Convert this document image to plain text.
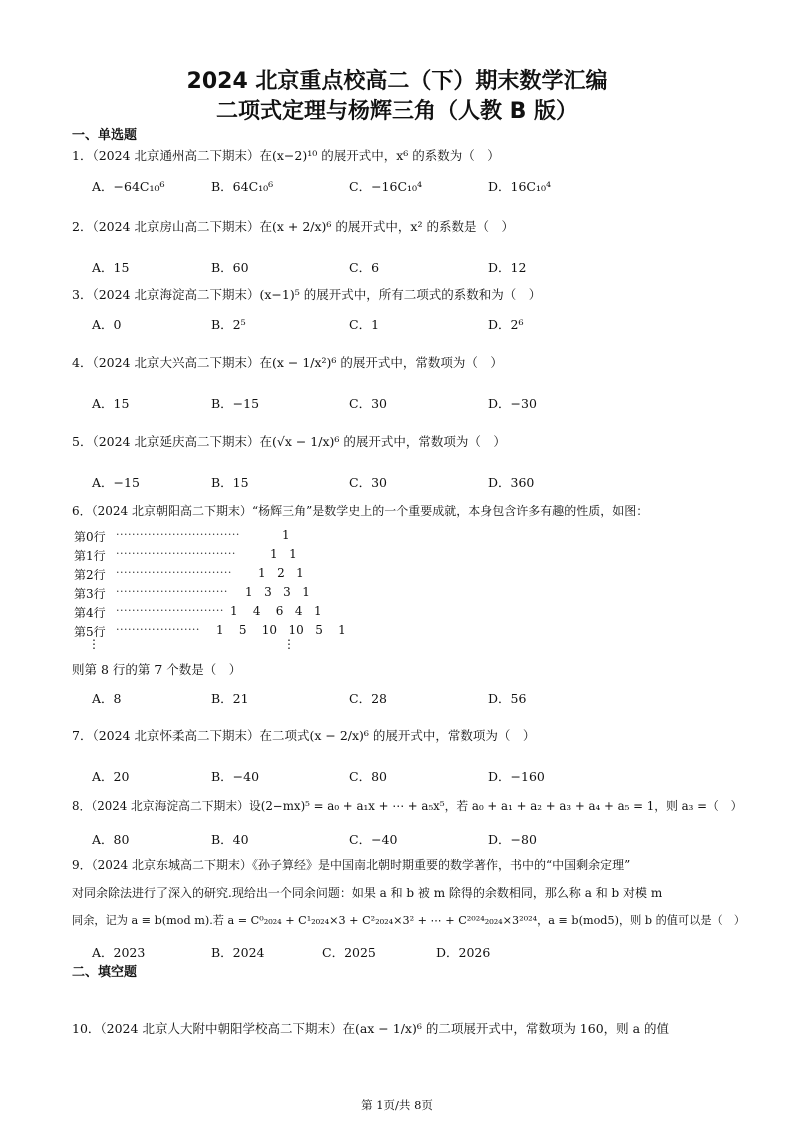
2024 北京重点校高二（下）期末数学汇编
二项式定理与杨辉三角（人教 B 版）
一、单选题
1．（2024 北京通州高二下期末）在(x−2)¹⁰ 的展开式中，x⁶ 的系数为（　）
A．−64C₁₀⁶	B．64C₁₀⁶	C．−16C₁₀⁴	D．16C₁₀⁴
2．（2024 北京房山高二下期末）在(x + 2/x)⁶ 的展开式中，x² 的系数是（　）
A．15	B．60	C．6	D．12
3．（2024 北京海淀高二下期末）(x−1)⁵ 的展开式中，所有二项式的系数和为（　）
A．0	B．2⁵	C．1	D．2⁶
4．（2024 北京大兴高二下期末）在(x − 1/x²)⁶ 的展开式中，常数项为（　）
A．15	B．−15	C．30	D．−30
5．（2024 北京延庆高二下期末）在(√x − 1/x)⁶ 的展开式中，常数项为（　）
A．−15	B．15	C．30	D．360
6．（2024 北京朝阳高二下期末）“杨辉三角”是数学史上的一个重要成就，本身包含许多有趣的性质，如图：
第0行 ·······························	1
第1行 ······························	1   1
第2行 ····························· 1   2   1
第3行 ···························· 1   3   3   1
第4行 ··························· 1    4    6   4   1
第5行 ····················· 1    5    10   10   5    1
⋮	⋮
则第 8 行的第 7 个数是（　）
A．8	B．21	C．28	D．56
7．（2024 北京怀柔高二下期末）在二项式(x − 2/x)⁶ 的展开式中，常数项为（　）
A．20	B．−40	C．80	D．−160
8．（2024 北京海淀高二下期末）设(2−mx)⁵ = a₀ + a₁x + ⋯ + a₅x⁵，若 a₀ + a₁ + a₂ + a₃ + a₄ + a₅ = 1，则 a₃ =（　）
A．80	B．40	C．−40	D．−80
9．（2024 北京东城高二下期末）《孙子算经》是中国南北朝时期重要的数学著作，书中的“中国剩余定理”
对同余除法进行了深入的研究.现给出一个同余问题：如果 a 和 b 被 m 除得的余数相同，那么称 a 和 b 对模 m
同余，记为 a ≡ b(mod m).若 a = C⁰₂₀₂₄ + C¹₂₀₂₄×3 + C²₂₀₂₄×3² + ⋯ + C²⁰²⁴₂₀₂₄×3²⁰²⁴，a ≡ b(mod5)，则 b 的值可以是（　）
A．2023	B．2024	C．2025	D．2026
二、填空题
10．（2024 北京人大附中朝阳学校高二下期末）在(ax − 1/x)⁶ 的二项展开式中，常数项为 160，则 a 的值
第 1页/共 8页
